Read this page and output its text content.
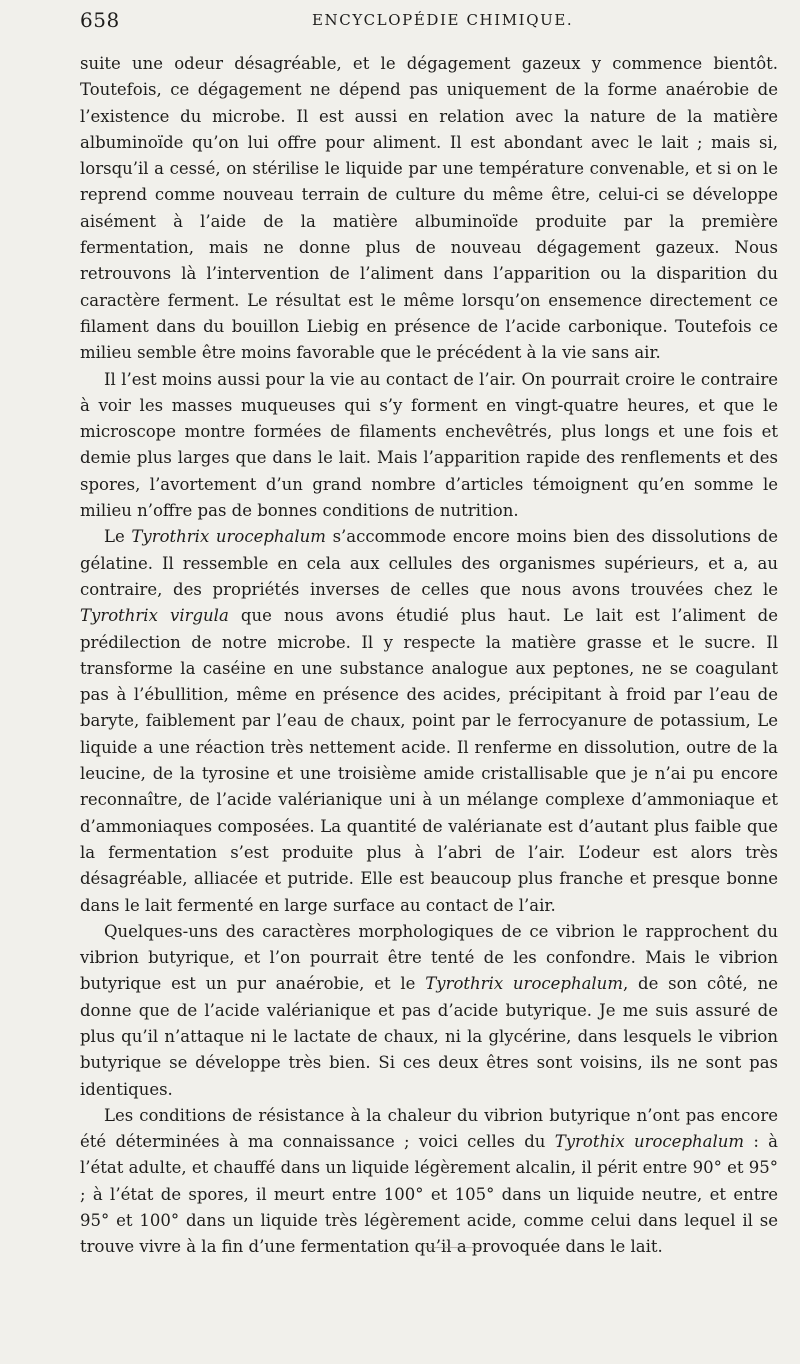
658	ENCYCLOPÉDIE CHIMIQUE.

suite une odeur désagréable, et le dégagement gazeux y commence bientôt. Toutefois, ce dégagement ne dépend pas uniquement de la forme anaérobie de l’existence du microbe. Il est aussi en relation avec la nature de la matière albuminoïde qu’on lui offre pour aliment. Il est abondant avec le lait ; mais si, lorsqu’il a cessé, on stérilise le liquide par une température convenable, et si on le reprend comme nouveau terrain de culture du même être, celui-ci se développe aisément à l’aide de la matière albuminoïde produite par la première fermentation, mais ne donne plus de nouveau dégagement gazeux. Nous retrouvons là l’intervention de l’aliment dans l’apparition ou la disparition du caractère ferment. Le résultat est le même lorsqu’on ensemence directement ce filament dans du bouillon Liebig en présence de l’acide carbonique. Toutefois ce milieu semble être moins favorable que le précédent à la vie sans air.

Il l’est moins aussi pour la vie au contact de l’air. On pourrait croire le contraire à voir les masses muqueuses qui s’y forment en vingt-quatre heures, et que le microscope montre formées de filaments enchevêtrés, plus longs et une fois et demie plus larges que dans le lait. Mais l’apparition rapide des renflements et des spores, l’avortement d’un grand nombre d’articles témoignent qu’en somme le milieu n’offre pas de bonnes conditions de nutrition.

Le Tyrothrix urocephalum s’accommode encore moins bien des dissolutions de gélatine. Il ressemble en cela aux cellules des organismes supérieurs, et a, au contraire, des propriétés inverses de celles que nous avons trouvées chez le Tyrothrix virgula que nous avons étudié plus haut. Le lait est l’aliment de prédilection de notre microbe. Il y respecte la matière grasse et le sucre. Il transforme la caséine en une substance analogue aux peptones, ne se coagulant pas à l’ébullition, même en présence des acides, précipitant à froid par l’eau de baryte, faiblement par l’eau de chaux, point par le ferrocyanure de potassium, Le liquide a une réaction très nettement acide. Il renferme en dissolution, outre de la leucine, de la tyrosine et une troisième amide cristallisable que je n’ai pu encore reconnaître, de l’acide valérianique uni à un mélange complexe d’ammoniaque et d’ammoniaques composées. La quantité de valérianate est d’autant plus faible que la fermentation s’est produite plus à l’abri de l’air. L’odeur est alors très désagréable, alliacée et putride. Elle est beaucoup plus franche et presque bonne dans le lait fermenté en large surface au contact de l’air.

Quelques-uns des caractères morphologiques de ce vibrion le rapprochent du vibrion butyrique, et l’on pourrait être tenté de les confondre. Mais le vibrion butyrique est un pur anaérobie, et le Tyrothrix urocephalum, de son côté, ne donne que de l’acide valérianique et pas d’acide butyrique. Je me suis assuré de plus qu’il n’attaque ni le lactate de chaux, ni la glycérine, dans lesquels le vibrion butyrique se développe très bien. Si ces deux êtres sont voisins, ils ne sont pas identiques.

Les conditions de résistance à la chaleur du vibrion butyrique n’ont pas encore été déterminées à ma connaissance ; voici celles du Tyrothix urocephalum : à l’état adulte, et chauffé dans un liquide légèrement alcalin, il périt entre 90° et 95° ; à l’état de spores, il meurt entre 100° et 105° dans un liquide neutre, et entre 95° et 100° dans un liquide très légèrement acide, comme celui dans lequel il se trouve vivre à la fin d’une fermentation qu’il a provoquée dans le lait.
